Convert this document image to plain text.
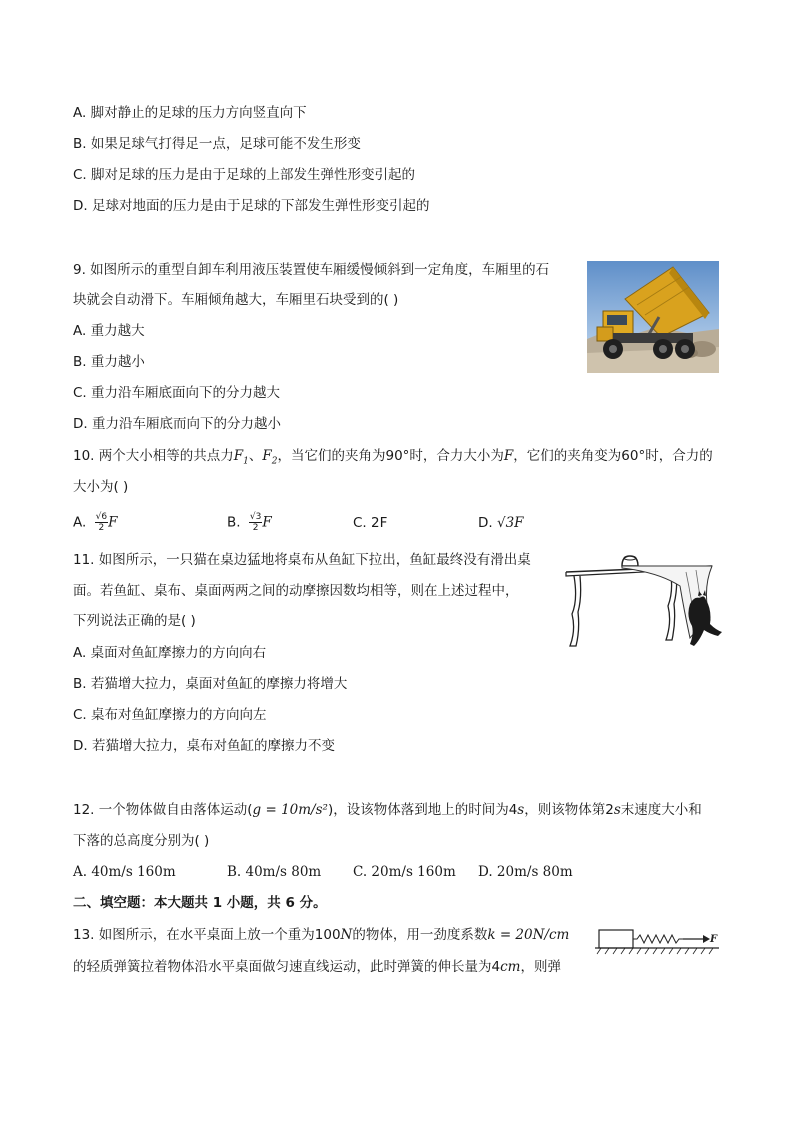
A. 脚对静止的足球的压力方向竖直向下
B. 如果足球气打得足一点，足球可能不发生形变
C. 脚对足球的压力是由于足球的上部发生弹性形变引起的
D. 足球对地面的压力是由于足球的下部发生弹性形变引起的
9. 如图所示的重型自卸车利用液压装置使车厢缓慢倾斜到一定角度，车厢里的石
块就会自动滑下。车厢倾角越大，车厢里石块受到的( )
A. 重力越大
B. 重力越小
C. 重力沿车厢底面向下的分力越大
D. 重力沿车厢底而向下的分力越小
10. 两个大小相等的共点力$F_1$、$F_2$，当它们的夹角为90°时，合力大小为F，它们的夹角变为60°时，合力的
大小为( )
A. $\frac{√6}{2}$ F	B. $\frac{√3}{2}$ F	C. 2F	D. √3F
11. 如图所示，一只猫在桌边猛地将桌布从鱼缸下拉出，鱼缸最终没有滑出桌
面。若鱼缸、桌布、桌面两两之间的动摩擦因数均相等，则在上述过程中，
下列说法正确的是( )
A. 桌面对鱼缸摩擦力的方向向右
B. 若猫增大拉力，桌面对鱼缸的摩擦力将增大
C. 桌布对鱼缸摩擦力的方向向左
D. 若猫增大拉力，桌布对鱼缸的摩擦力不变
12. 一个物体做自由落体运动(g = 10m/s²)，设该物体落到地上的时间为4s，则该物体第2s末速度大小和
下落的总高度分别为( )
A. 40m/s 160m	B. 40m/s 80m C. 20m/s 160m D. 20m/s 80m
二、填空题：本大题共 1 小题，共 6 分。
13. 如图所示，在水平桌面上放一个重为100N的物体，用一劲度系数k = 20N/cm
的轻质弹簧拉着物体沿水平桌面做匀速直线运动，此时弹簧的伸长量为4cm，则弹
F
